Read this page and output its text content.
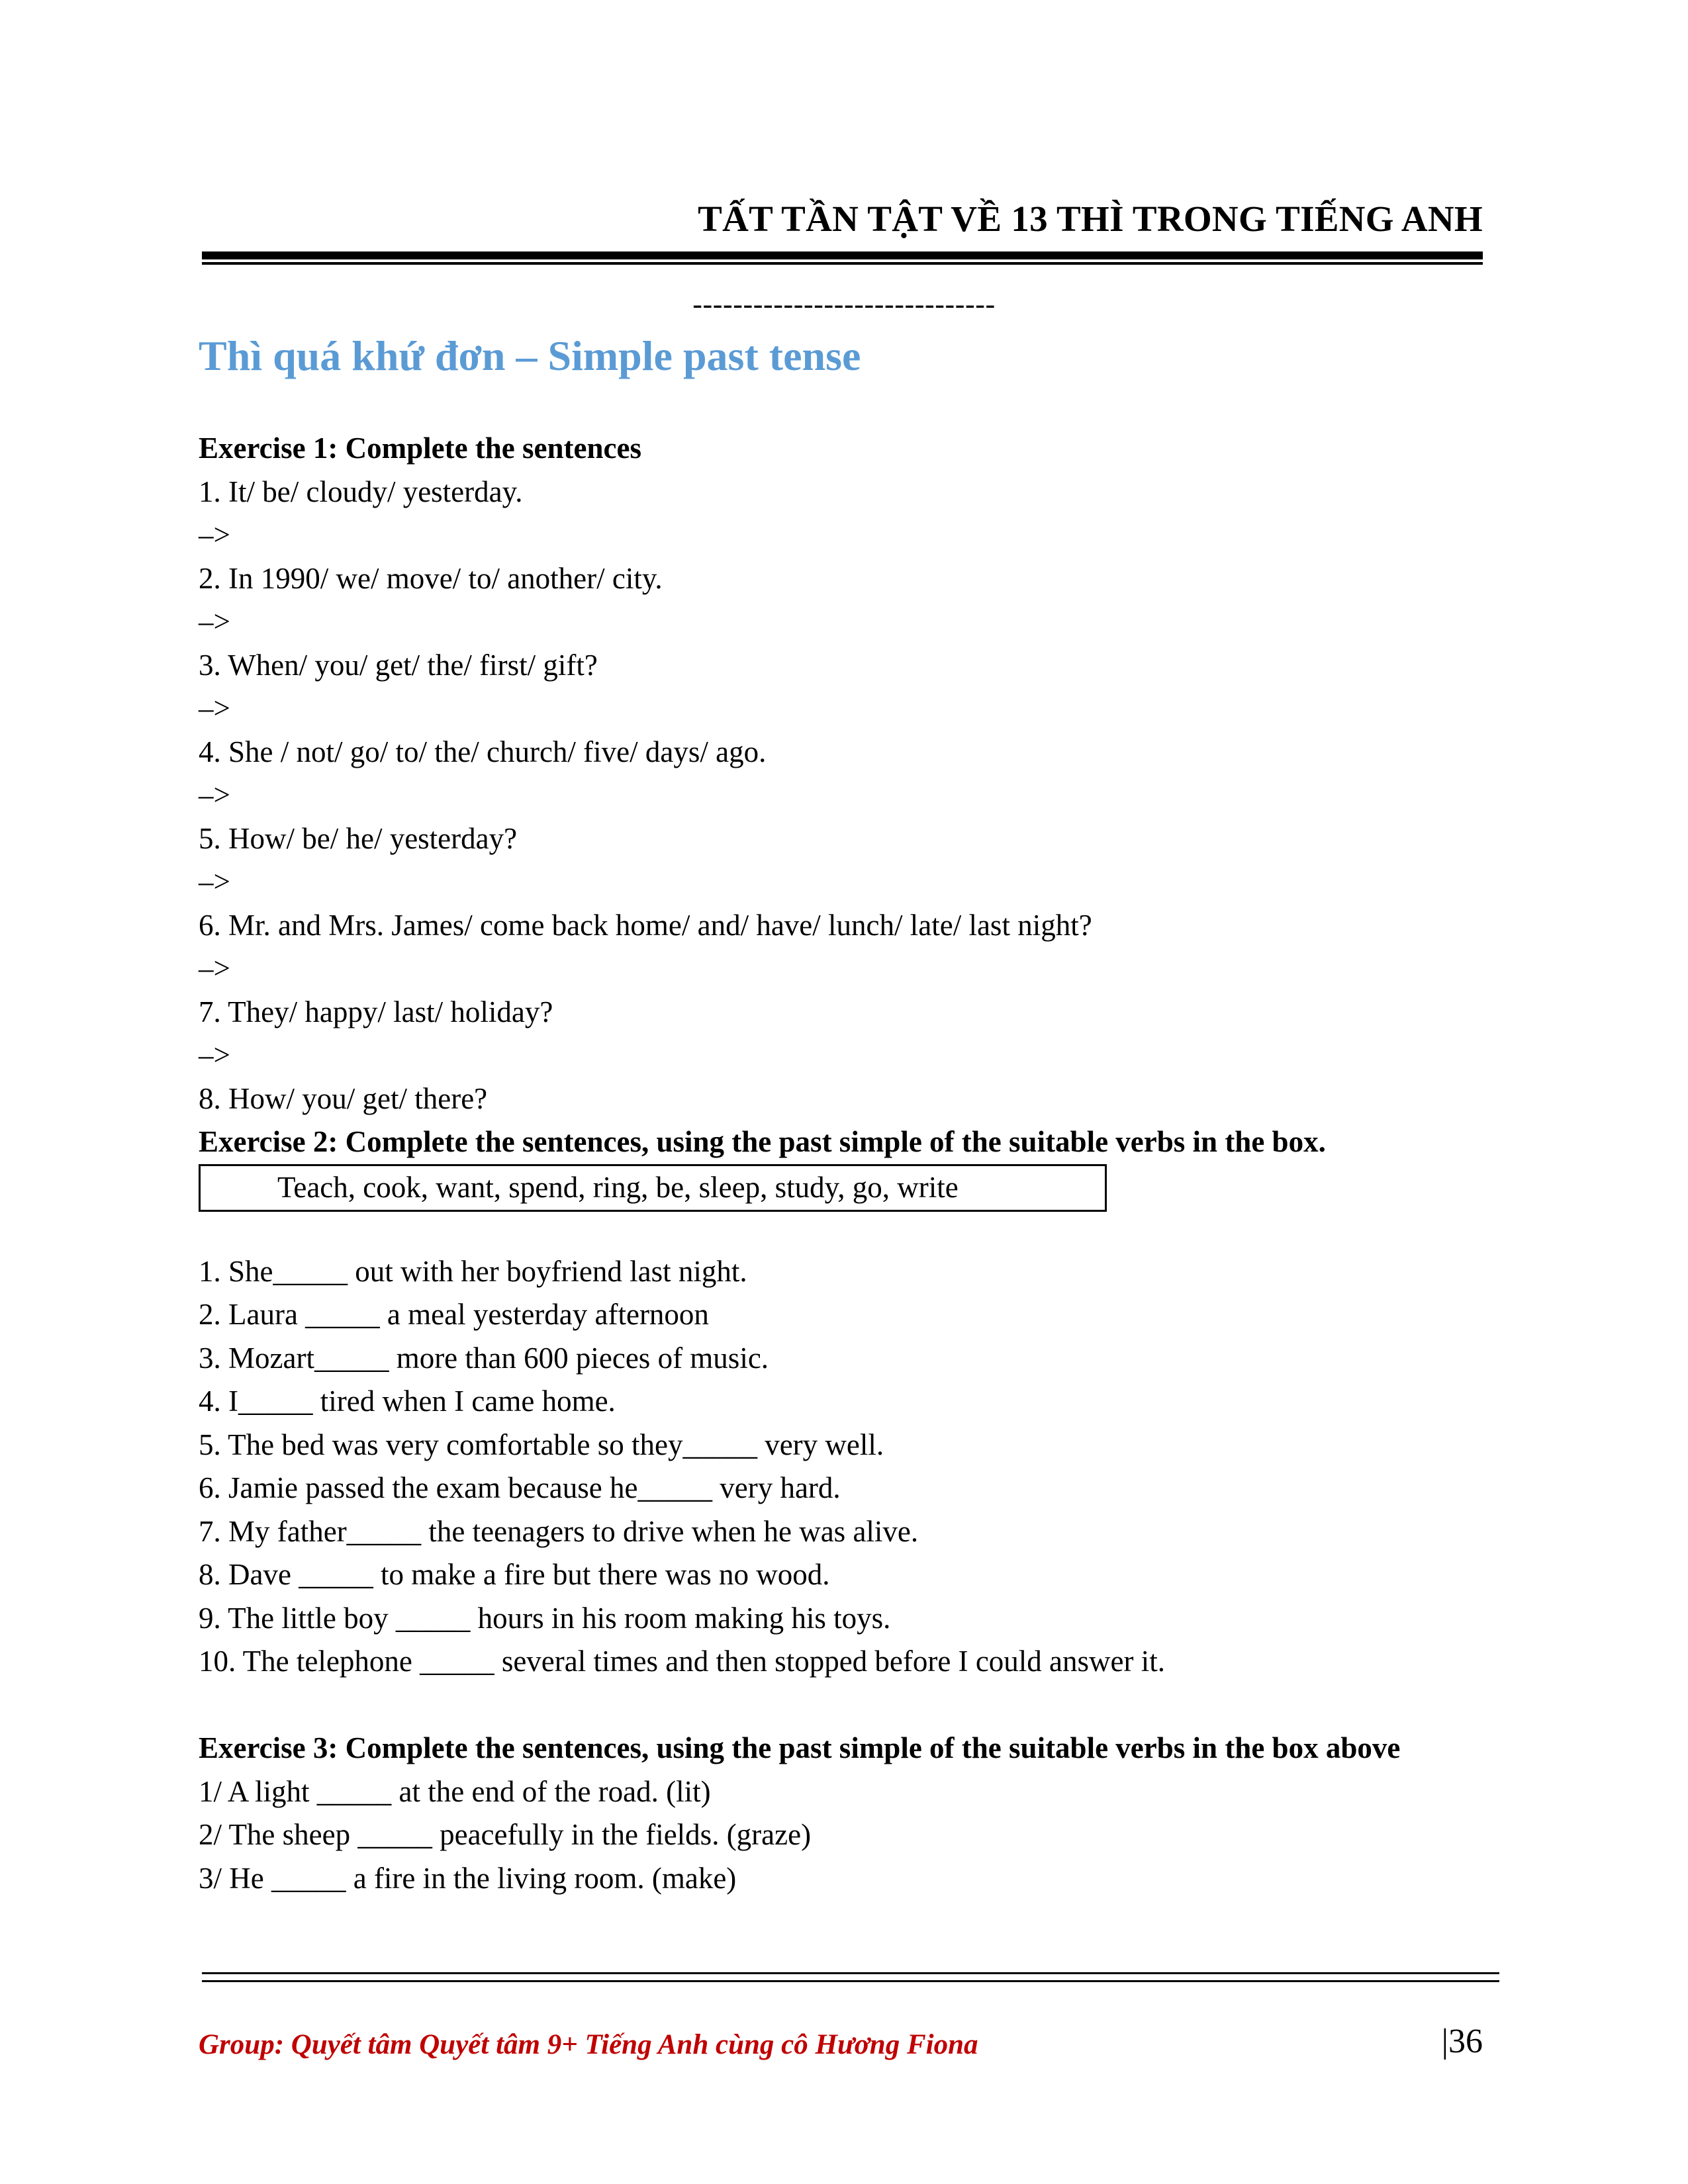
TẤT TẦN TẬT VỀ 13 THÌ TRONG TIẾNG ANH
------------------------------
Thì quá khứ đơn – Simple past tense
Exercise 1: Complete the sentences
1. It/ be/ cloudy/ yesterday.
–>
2. In 1990/ we/ move/ to/ another/ city.
–>
3. When/ you/ get/ the/ first/ gift?
–>
4. She / not/ go/ to/ the/ church/ five/ days/ ago.
–>
5. How/ be/ he/ yesterday?
–>
6. Mr. and Mrs. James/ come back home/ and/ have/ lunch/ late/ last night?
–>
7. They/ happy/ last/ holiday?
–>
8. How/ you/ get/ there?
Exercise 2: Complete the sentences, using the past simple of the suitable verbs in the box.
Teach, cook, want, spend, ring, be, sleep, study, go, write
1. She_____ out with her boyfriend last night.
2. Laura _____ a meal yesterday afternoon
3. Mozart_____ more than 600 pieces of music.
4. I_____ tired when I came home.
5. The bed was very comfortable so they_____ very well.
6. Jamie passed the exam because he_____ very hard.
7. My father_____ the teenagers to drive when he was alive.
8. Dave _____ to make a fire but there was no wood.
9. The little boy _____ hours in his room making his toys.
10. The telephone _____ several times and then stopped before I could answer it.
Exercise 3: Complete the sentences, using the past simple of the suitable verbs in the box above
1/ A light _____ at the end of the road. (lit)
2/ The sheep _____ peacefully in the fields. (graze)
3/ He _____ a fire in the living room. (make)
Group: Quyết tâm Quyết tâm 9+ Tiếng Anh cùng cô Hương Fiona	|36
